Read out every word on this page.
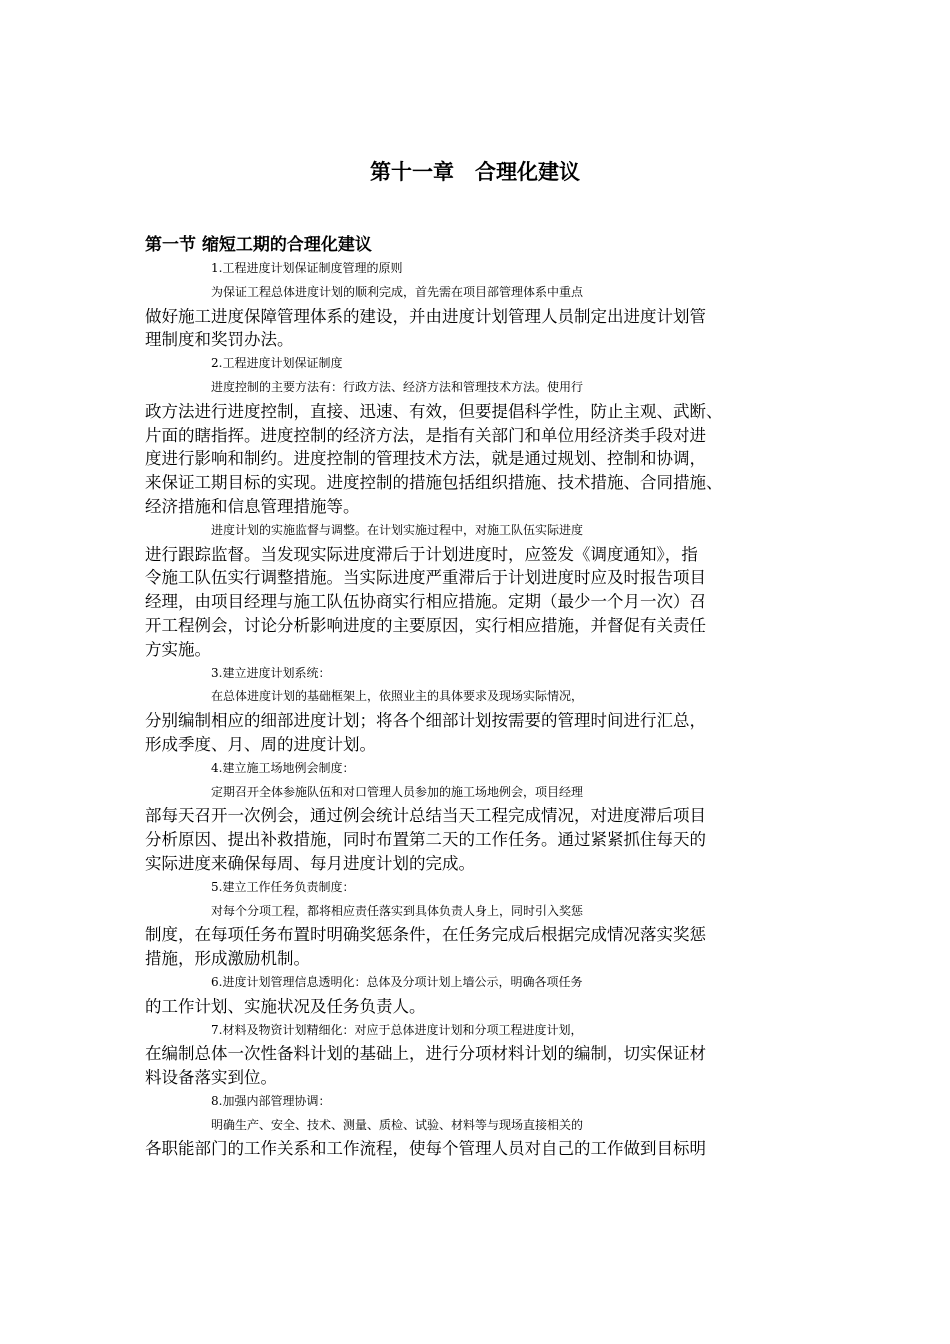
第十一章　合理化建议
第一节 缩短工期的合理化建议
1.工程进度计划保证制度管理的原则
为保证工程总体进度计划的顺利完成，首先需在项目部管理体系中重点
做好施工进度保障管理体系的建设，并由进度计划管理人员制定出进度计划管
理制度和奖罚办法。
2.工程进度计划保证制度
进度控制的主要方法有：行政方法、经济方法和管理技术方法。使用行
政方法进行进度控制，直接、迅速、有效，但要提倡科学性，防止主观、武断、
片面的瞎指挥。进度控制的经济方法，是指有关部门和单位用经济类手段对进
度进行影响和制约。进度控制的管理技术方法，就是通过规划、控制和协调，
来保证工期目标的实现。进度控制的措施包括组织措施、技术措施、合同措施、
经济措施和信息管理措施等。
进度计划的实施监督与调整。在计划实施过程中，对施工队伍实际进度
进行跟踪监督。当发现实际进度滞后于计划进度时，应签发《调度通知》，指
令施工队伍实行调整措施。当实际进度严重滞后于计划进度时应及时报告项目
经理，由项目经理与施工队伍协商实行相应措施。定期（最少一个月一次）召
开工程例会，讨论分析影响进度的主要原因，实行相应措施，并督促有关责任
方实施。
3.建立进度计划系统：
在总体进度计划的基础框架上，依照业主的具体要求及现场实际情况，
分别编制相应的细部进度计划；将各个细部计划按需要的管理时间进行汇总，
形成季度、月、周的进度计划。
4.建立施工场地例会制度：
定期召开全体参施队伍和对口管理人员参加的施工场地例会，项目经理
部每天召开一次例会，通过例会统计总结当天工程完成情况，对进度滞后项目
分析原因、提出补救措施，同时布置第二天的工作任务。通过紧紧抓住每天的
实际进度来确保每周、每月进度计划的完成。
5.建立工作任务负责制度：
对每个分项工程，都将相应责任落实到具体负责人身上，同时引入奖惩
制度，在每项任务布置时明确奖惩条件，在任务完成后根据完成情况落实奖惩
措施，形成激励机制。
6.进度计划管理信息透明化：总体及分项计划上墙公示，明确各项任务
的工作计划、实施状况及任务负责人。
7.材料及物资计划精细化：对应于总体进度计划和分项工程进度计划，
在编制总体一次性备料计划的基础上，进行分项材料计划的编制，切实保证材
料设备落实到位。
8.加强内部管理协调：
明确生产、安全、技术、测量、质检、试验、材料等与现场直接相关的
各职能部门的工作关系和工作流程，使每个管理人员对自己的工作做到目标明
